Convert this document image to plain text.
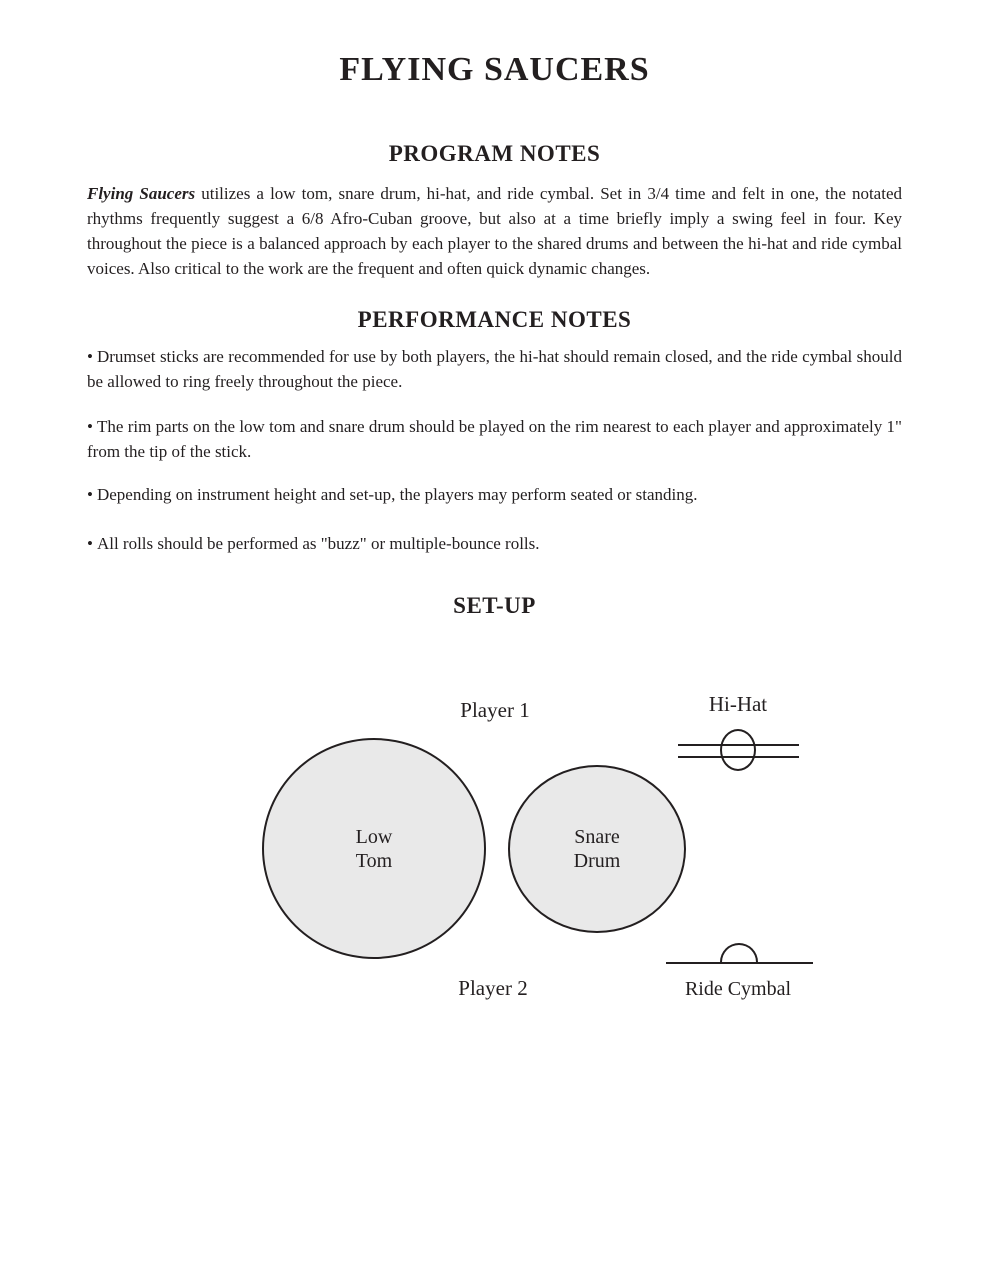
FLYING SAUCERS
PROGRAM NOTES

Flying Saucers utilizes a low tom, snare drum, hi-hat, and ride cymbal. Set in 3/4 time and felt in one, the notated rhythms frequently suggest a 6/8 Afro-Cuban groove, but also at a time briefly imply a swing feel in four. Key throughout the piece is a balanced approach by each player to the shared drums and between the hi-hat and ride cymbal voices. Also critical to the work are the frequent and often quick dynamic changes.

PERFORMANCE NOTES

• Drumset sticks are recommended for use by both players, the hi-hat should remain closed, and the ride cymbal should be allowed to ring freely throughout the piece.

• The rim parts on the low tom and snare drum should be played on the rim nearest to each player and approximately 1" from the tip of the stick.

• Depending on instrument height and set-up, the players may perform seated or standing.

• All rolls should be performed as "buzz" or multiple-bounce rolls.

SET-UP
Player 1	Hi-Hat
Low
Tom
Snare
Drum
Player 2	Ride Cymbal
